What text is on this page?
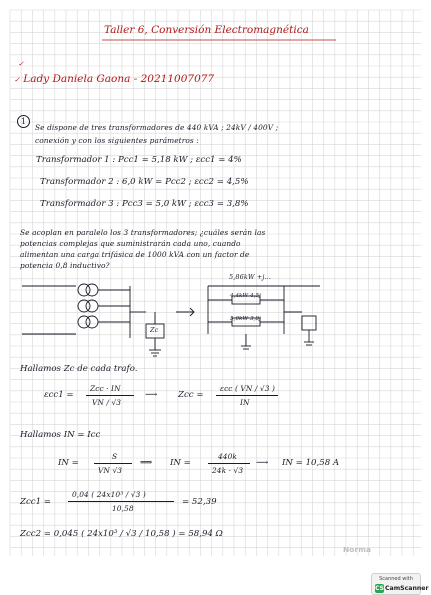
Taller 6, Conversión Electromagnética
✓
✓ Lady Daniela Gaona - 20211007077
1
Se dispone de tres transformadores de 440 kVA ; 24kV / 400V ;
conexión y con los siguientes parámetros :
Transformador 1 : Pcc1 = 5,18 kW ; εcc1 = 4%
Transformador 2 : 6,0 kW = Pcc2 ; εcc2 = 4,5%
Transformador 3 : Pcc3 = 5,0 kW ; εcc3 = 3,8%
Se acoplan en paralelo los 3 transformadores; ¿cuáles serán las
potencias complejas que suministrarán cada uno, cuando
alimentan una carga trifásica de 1000 kVA con un factor de
potencia 0,8 inductivo?
Zc
5,86kW +j...
4,4kW 4,5j
5,0kW 3,8j
Hallamos Zc de cada trafo.
εcc1 =
Zcc · IN
VN / √3
⟶ Zcc =
εcc ( VN / √3 )
IN
Hallamos IN = Icc
IN =
S
VN √3
⟹ IN =
440k
24k · √3
⟶ IN = 10,58 A
Zcc1 =
0,04 ( 24x10³ / √3 )
10,58
= 52,39
Zcc2 = 0,045 ( 24x10³ / √3 / 10,58 ) = 58,94 Ω
Norma
Scanned with
CS CamScanner
